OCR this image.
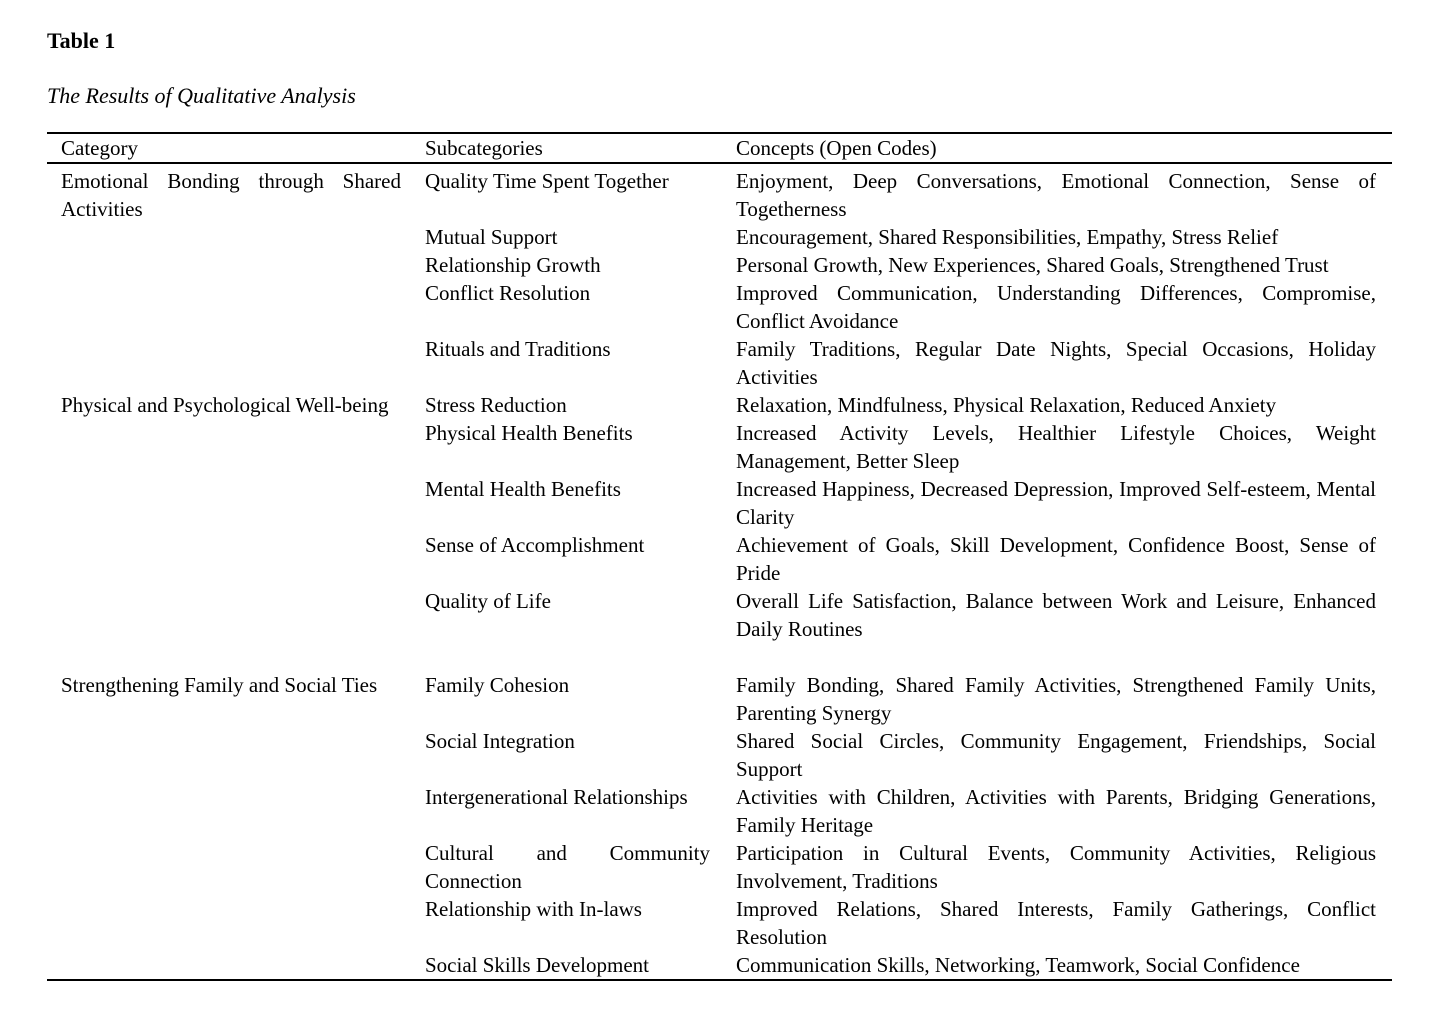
Table 1

The Results of Qualitative Analysis

Category	Subcategories	Concepts (Open Codes)
Emotional Bonding through Shared Activities	Quality Time Spent Together	Enjoyment, Deep Conversations, Emotional Connection, Sense of Togetherness
	Mutual Support	Encouragement, Shared Responsibilities, Empathy, Stress Relief
	Relationship Growth	Personal Growth, New Experiences, Shared Goals, Strengthened Trust
	Conflict Resolution	Improved Communication, Understanding Differences, Compromise, Conflict Avoidance
	Rituals and Traditions	Family Traditions, Regular Date Nights, Special Occasions, Holiday Activities
Physical and Psychological Well-being	Stress Reduction	Relaxation, Mindfulness, Physical Relaxation, Reduced Anxiety
	Physical Health Benefits	Increased Activity Levels, Healthier Lifestyle Choices, Weight Management, Better Sleep
	Mental Health Benefits	Increased Happiness, Decreased Depression, Improved Self-esteem, Mental Clarity
	Sense of Accomplishment	Achievement of Goals, Skill Development, Confidence Boost, Sense of Pride
	Quality of Life	Overall Life Satisfaction, Balance between Work and Leisure, Enhanced Daily Routines

Strengthening Family and Social Ties	Family Cohesion	Family Bonding, Shared Family Activities, Strengthened Family Units, Parenting Synergy
	Social Integration	Shared Social Circles, Community Engagement, Friendships, Social Support
	Intergenerational Relationships	Activities with Children, Activities with Parents, Bridging Generations, Family Heritage
	Cultural and Community Connection	Participation in Cultural Events, Community Activities, Religious Involvement, Traditions
	Relationship with In-laws	Improved Relations, Shared Interests, Family Gatherings, Conflict Resolution
	Social Skills Development	Communication Skills, Networking, Teamwork, Social Confidence
